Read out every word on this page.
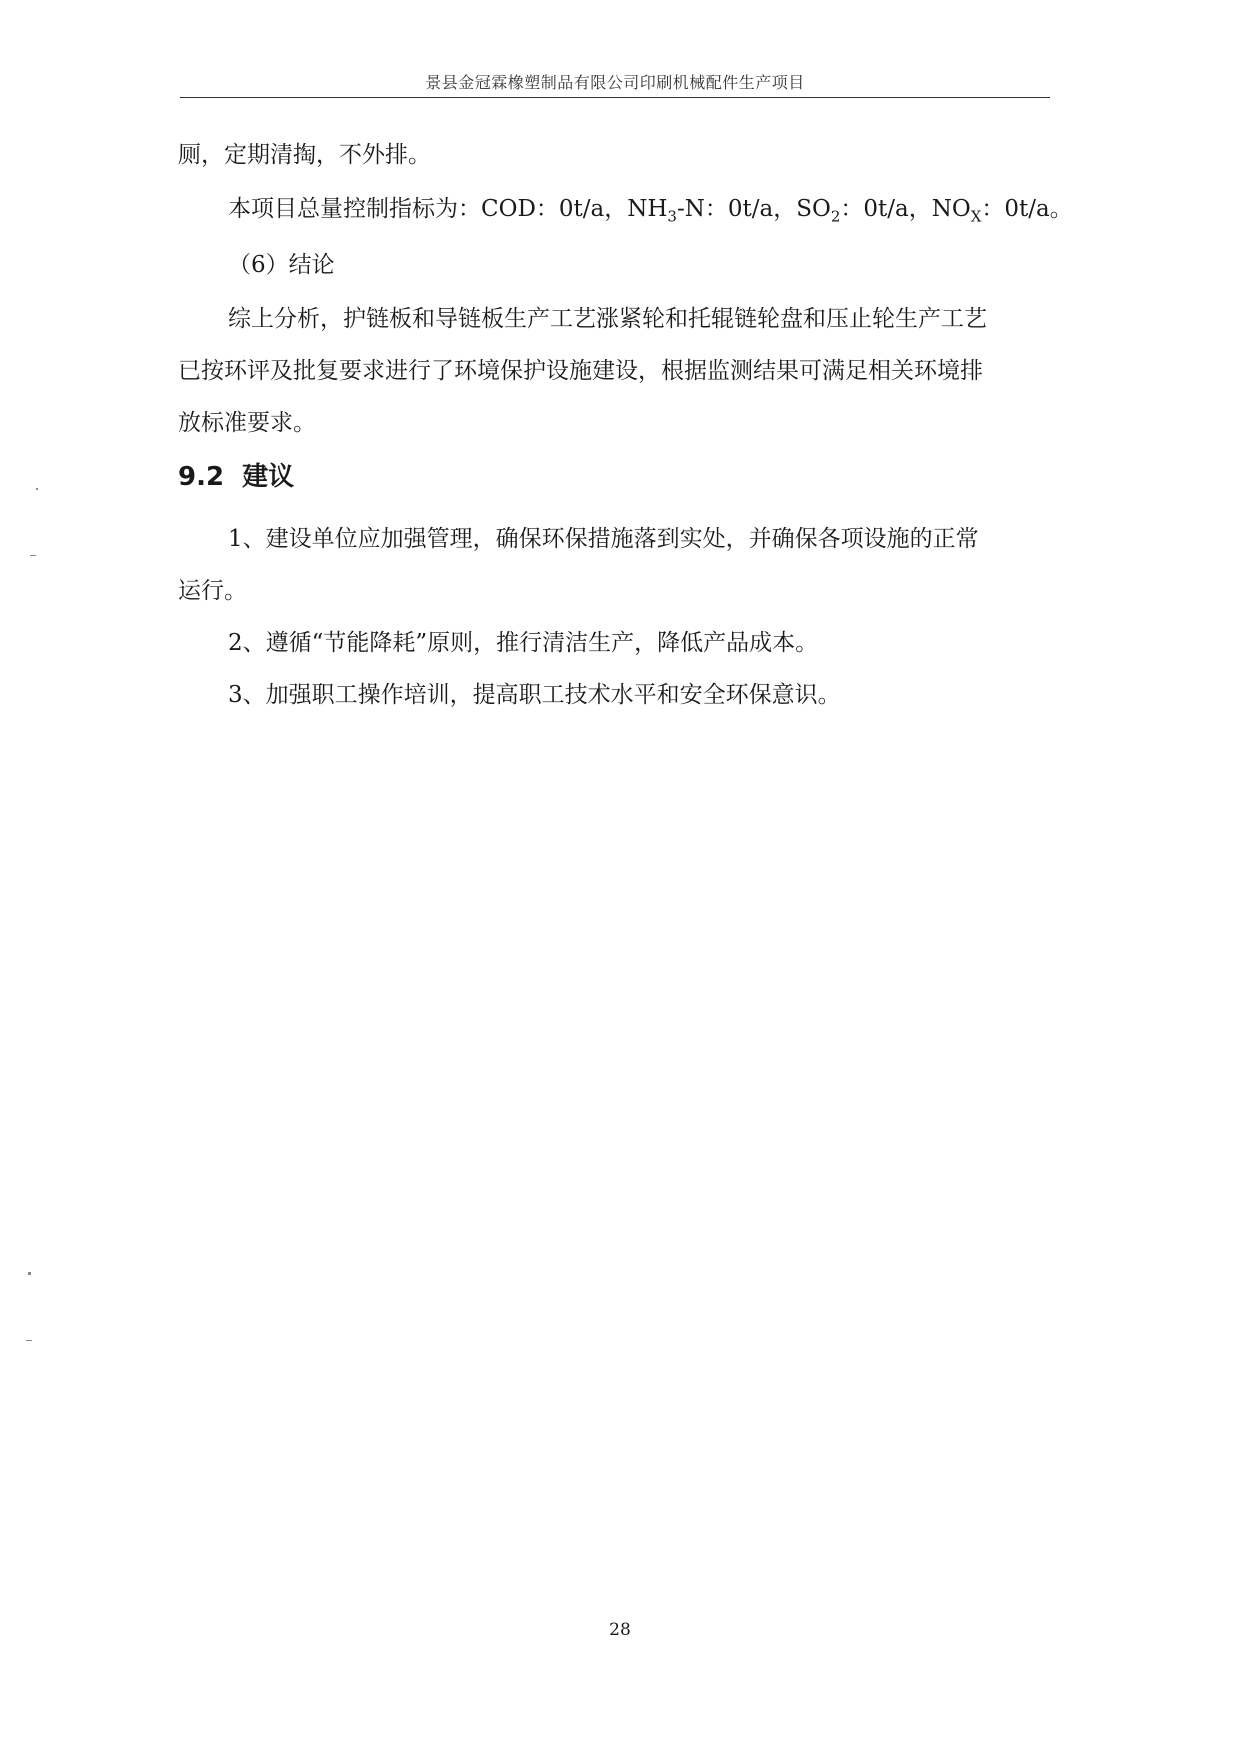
景县金冠霖橡塑制品有限公司印刷机械配件生产项目

厕，定期清掏，不外排。

本项目总量控制指标为：COD：0t/a，$NH_3-N$：0t/a，$SO_2$：0t/a，$NO_X$：0t/a。

（6）结论

综上分析，护链板和导链板生产工艺涨紧轮和托辊链轮盘和压止轮生产工艺

已按环评及批复要求进行了环境保护设施建设，根据监测结果可满足相关环境排

放标准要求。

9.2 建议

1、建设单位应加强管理，确保环保措施落到实处，并确保各项设施的正常

运行。

2、遵循“节能降耗”原则，推行清洁生产，降低产品成本。

3、加强职工操作培训，提高职工技术水平和安全环保意识。

28
